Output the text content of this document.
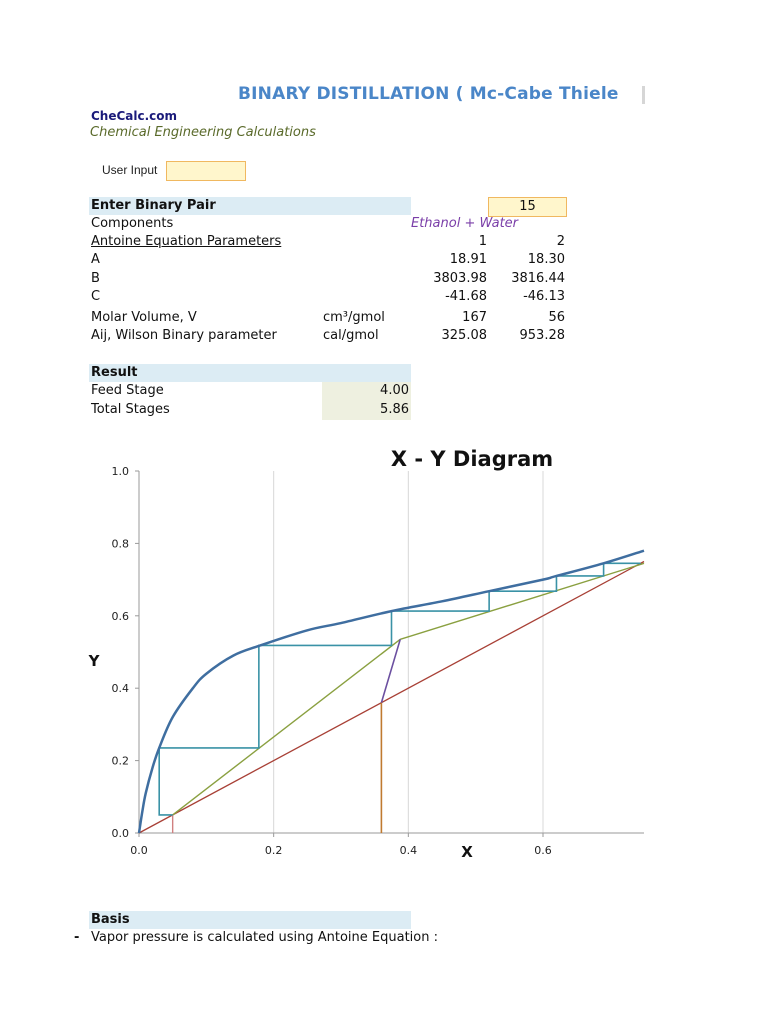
BINARY DISTILLATION ( Mc-Cabe Thiele
CheCalc.com
Chemical Engineering Calculations
User Input
Enter Binary Pair	15
Components	Ethanol + Water
Antoine Equation Parameters	1	2
A	18.91	18.30
B	3803.98	3816.44
C	-41.68	-46.13
Molar Volume, V	cm³/gmol	167	56
Aij, Wilson Binary parameter	cal/gmol	325.08	953.28
Result
Feed Stage	4.00
Total Stages	5.86
0.0
0.2
0.4
0.6
0.8
1.0
0.0	0.2	0.4	0.6
X - Y Diagram
X
Y
Basis
- Vapor pressure is calculated using Antoine Equation :
